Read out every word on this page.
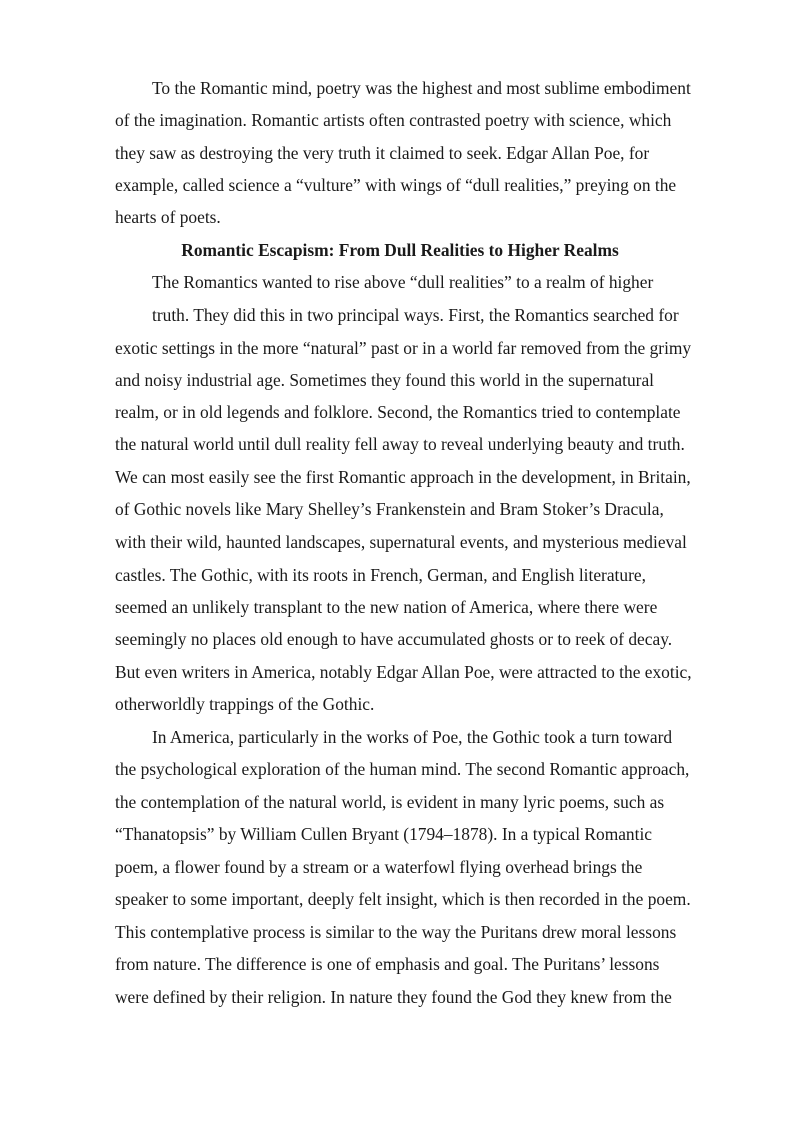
To the Romantic mind, poetry was the highest and most sublime embodiment

of the imagination. Romantic artists often contrasted poetry with science, which

they saw as destroying the very truth it claimed to seek. Edgar Allan Poe, for

example, called science a “vulture” with wings of “dull realities,” preying on the

hearts of poets.

Romantic Escapism: From Dull Realities to Higher Realms

The Romantics wanted to rise above “dull realities” to a realm of higher

truth. They did this in two principal ways. First, the Romantics searched for

exotic settings in the more “natural” past or in a world far removed from the grimy

and noisy industrial age. Sometimes they found this world in the supernatural

realm, or in old legends and folklore. Second, the Romantics tried to contemplate

the natural world until dull reality fell away to reveal underlying beauty and truth.

We can most easily see the first Romantic approach in the development, in Britain,

of Gothic novels like Mary Shelley’s Frankenstein and Bram Stoker’s Dracula,

with their wild, haunted landscapes, supernatural events, and mysterious medieval

castles. The Gothic, with its roots in French, German, and English literature,

seemed an unlikely transplant to the new nation of America, where there were

seemingly no places old enough to have accumulated ghosts or to reek of decay.

But even writers in America, notably Edgar Allan Poe, were attracted to the exotic,

otherworldly trappings of the Gothic.

In America, particularly in the works of Poe, the Gothic took a turn toward

the psychological exploration of the human mind. The second Romantic approach,

the contemplation of the natural world, is evident in many lyric poems, such as

“Thanatopsis” by William Cullen Bryant (1794–1878). In a typical Romantic

poem, a flower found by a stream or a waterfowl flying overhead brings the

speaker to some important, deeply felt insight, which is then recorded in the poem.

This contemplative process is similar to the way the Puritans drew moral lessons

from nature. The difference is one of emphasis and goal. The Puritans’ lessons

were defined by their religion. In nature they found the God they knew from the
